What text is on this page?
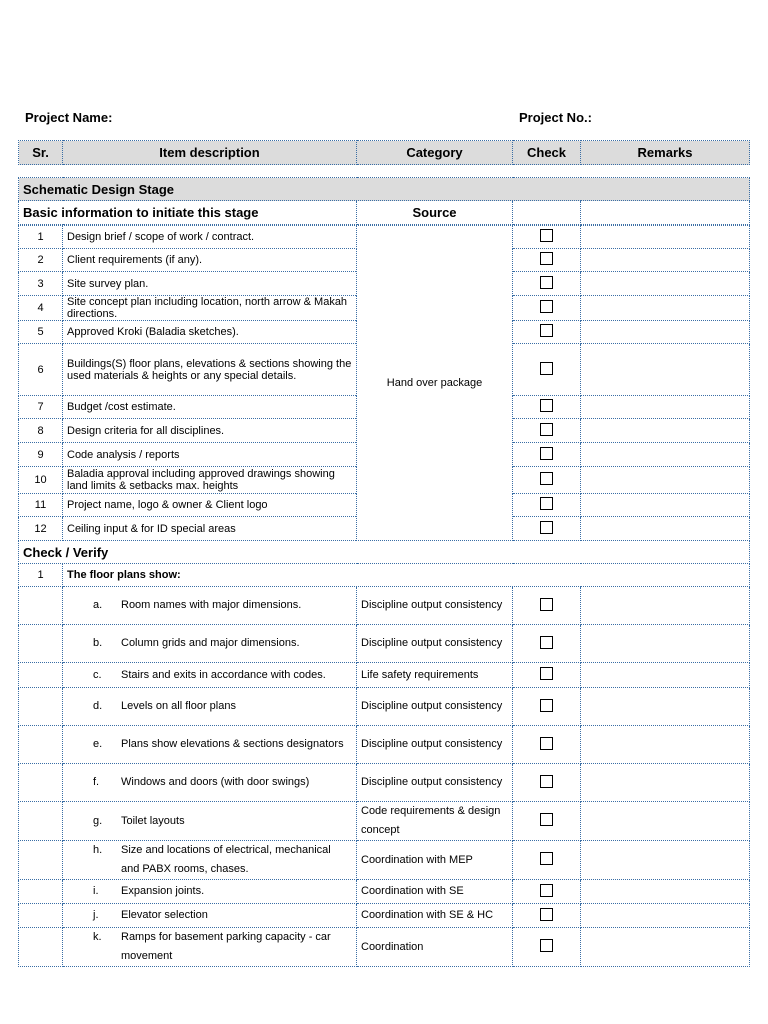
Project Name:	Project No.:
Sr.	Item description	Category	Check	Remarks
Schematic Design Stage				
Basic information to initiate this stage		Source		

1	Design brief / scope of work / contract.	Hand over package		
2	Client requirements (if any).			
3	Site survey plan.			
4	Site concept plan including location, north arrow & Makah directions.			
5	Approved Kroki (Baladia sketches).			
6	Buildings(S) floor plans, elevations & sections showing the used materials & heights or any special details.			
7	Budget /cost estimate.			
8	Design criteria for all disciplines.			
9	Code analysis / reports			
10	Baladia approval including approved drawings showing land limits & setbacks max. heights			
11	Project name, logo & owner & Client logo			
12	Ceiling input & for ID special areas			
Check / Verify				
1	The floor plans show:			

	a. Room names with major dimensions.	Discipline output consistency		

	b. Column grids and major dimensions.	Discipline output consistency		

	c. Stairs and exits in accordance with codes.	Life safety requirements		

	d. Levels on all floor plans	Discipline output consistency		

	e. Plans show elevations & sections designators	Discipline output consistency		

	f. Windows and doors (with door swings)	Discipline output consistency		

	g. Toilet layouts	Code requirements & design concept		

	h. Size and locations of electrical, mechanical and PABX rooms, chases.	Coordination with MEP		

	i. Expansion joints.	Coordination with SE		

	j. Elevator selection	Coordination with SE & HC		

	k. Ramps for basement parking capacity - car movement	Coordination		
